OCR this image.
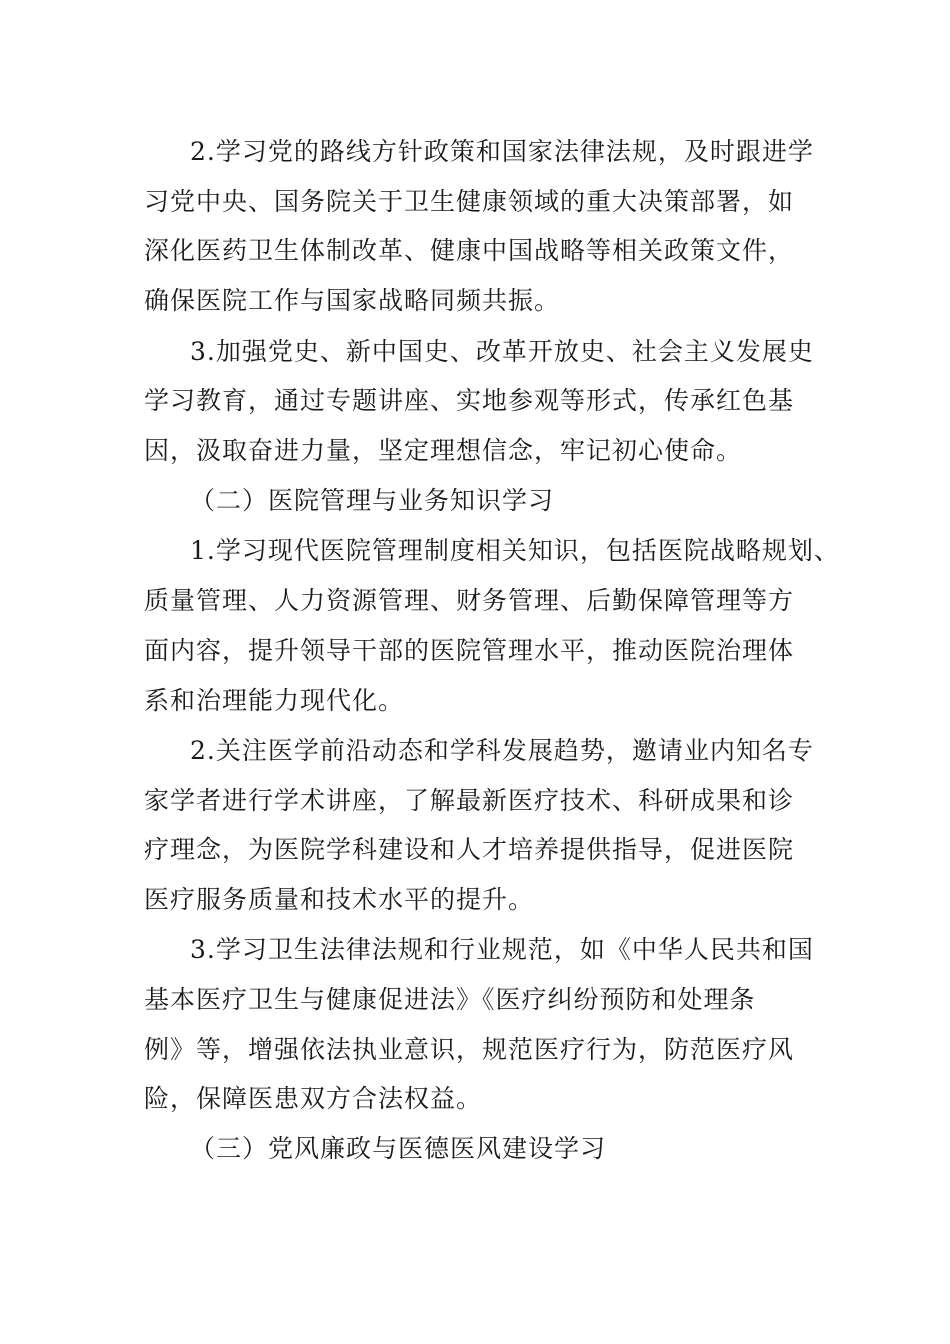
2.学习党的路线方针政策和国家法律法规，及时跟进学
习党中央、国务院关于卫生健康领域的重大决策部署，如
深化医药卫生体制改革、健康中国战略等相关政策文件，
确保医院工作与国家战略同频共振。
3.加强党史、新中国史、改革开放史、社会主义发展史
学习教育，通过专题讲座、实地参观等形式，传承红色基
因，汲取奋进力量，坚定理想信念，牢记初心使命。
（二）医院管理与业务知识学习
1.学习现代医院管理制度相关知识，包括医院战略规划、
质量管理、人力资源管理、财务管理、后勤保障管理等方
面内容，提升领导干部的医院管理水平，推动医院治理体
系和治理能力现代化。
2.关注医学前沿动态和学科发展趋势，邀请业内知名专
家学者进行学术讲座，了解最新医疗技术、科研成果和诊
疗理念，为医院学科建设和人才培养提供指导，促进医院
医疗服务质量和技术水平的提升。
3.学习卫生法律法规和行业规范，如《中华人民共和国
基本医疗卫生与健康促进法》《医疗纠纷预防和处理条
例》等，增强依法执业意识，规范医疗行为，防范医疗风
险，保障医患双方合法权益。
（三）党风廉政与医德医风建设学习
